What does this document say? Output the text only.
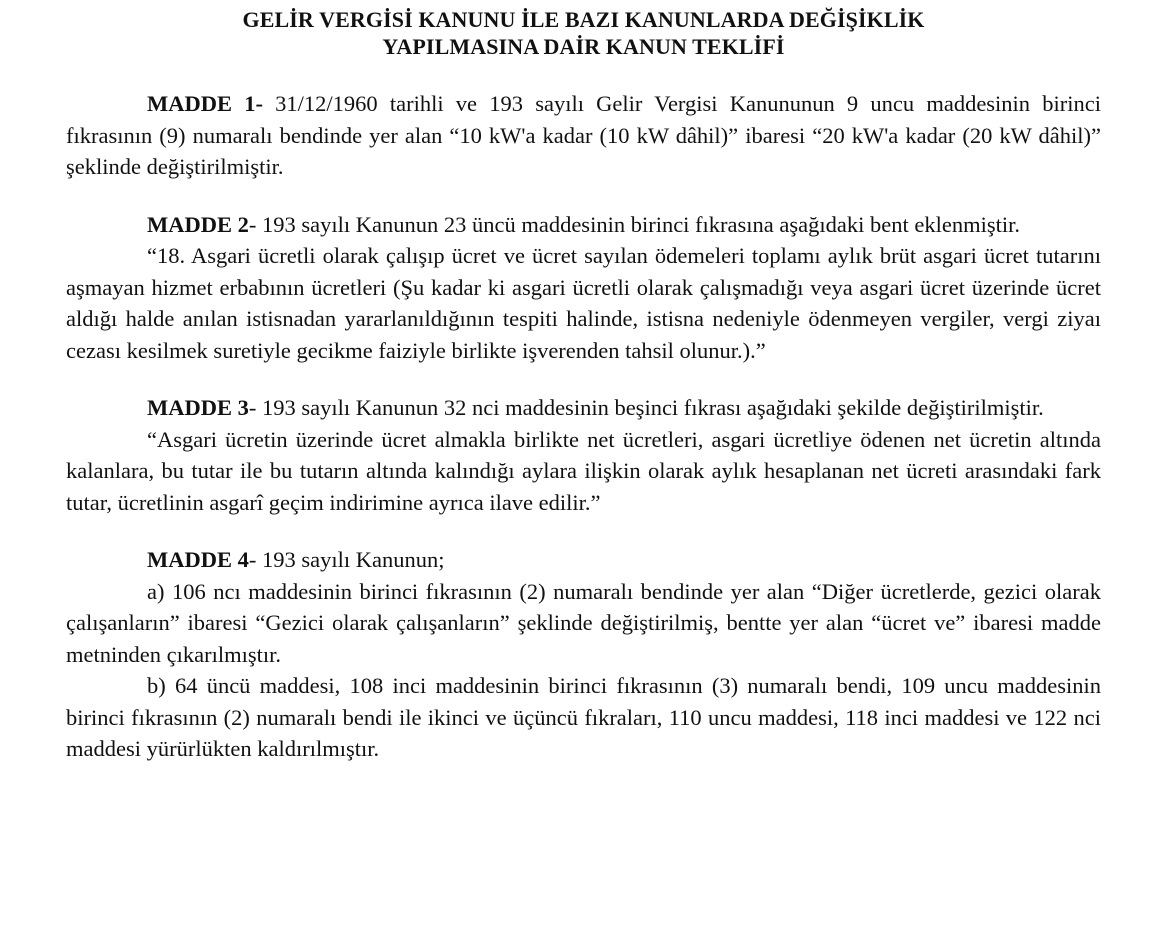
GELİR VERGİSİ KANUNU İLE BAZI KANUNLARDA DEĞİŞİKLİK
YAPILMASINA DAİR KANUN TEKLİFİ

MADDE 1- 31/12/1960 tarihli ve 193 sayılı Gelir Vergisi Kanununun 9 uncu maddesinin birinci fıkrasının (9) numaralı bendinde yer alan “10 kW'a kadar (10 kW dâhil)” ibaresi “20 kW'a kadar (20 kW dâhil)” şeklinde değiştirilmiştir.

MADDE 2- 193 sayılı Kanunun 23 üncü maddesinin birinci fıkrasına aşağıdaki bent eklenmiştir.

“18. Asgari ücretli olarak çalışıp ücret ve ücret sayılan ödemeleri toplamı aylık brüt asgari ücret tutarını aşmayan hizmet erbabının ücretleri (Şu kadar ki asgari ücretli olarak çalışmadığı veya asgari ücret üzerinde ücret aldığı halde anılan istisnadan yararlanıldığının tespiti halinde, istisna nedeniyle ödenmeyen vergiler, vergi ziyaı cezası kesilmek suretiyle gecikme faiziyle birlikte işverenden tahsil olunur.).”

MADDE 3- 193 sayılı Kanunun 32 nci maddesinin beşinci fıkrası aşağıdaki şekilde değiştirilmiştir.

“Asgari ücretin üzerinde ücret almakla birlikte net ücretleri, asgari ücretliye ödenen net ücretin altında kalanlara, bu tutar ile bu tutarın altında kalındığı aylara ilişkin olarak aylık hesaplanan net ücreti arasındaki fark tutar, ücretlinin asgarî geçim indirimine ayrıca ilave edilir.”

MADDE 4- 193 sayılı Kanunun;

a) 106 ncı maddesinin birinci fıkrasının (2) numaralı bendinde yer alan “Diğer ücretlerde, gezici olarak çalışanların” ibaresi “Gezici olarak çalışanların” şeklinde değiştirilmiş, bentte yer alan “ücret ve” ibaresi madde metninden çıkarılmıştır.

b) 64 üncü maddesi, 108 inci maddesinin birinci fıkrasının (3) numaralı bendi, 109 uncu maddesinin birinci fıkrasının (2) numaralı bendi ile ikinci ve üçüncü fıkraları, 110 uncu maddesi, 118 inci maddesi ve 122 nci maddesi yürürlükten kaldırılmıştır.
